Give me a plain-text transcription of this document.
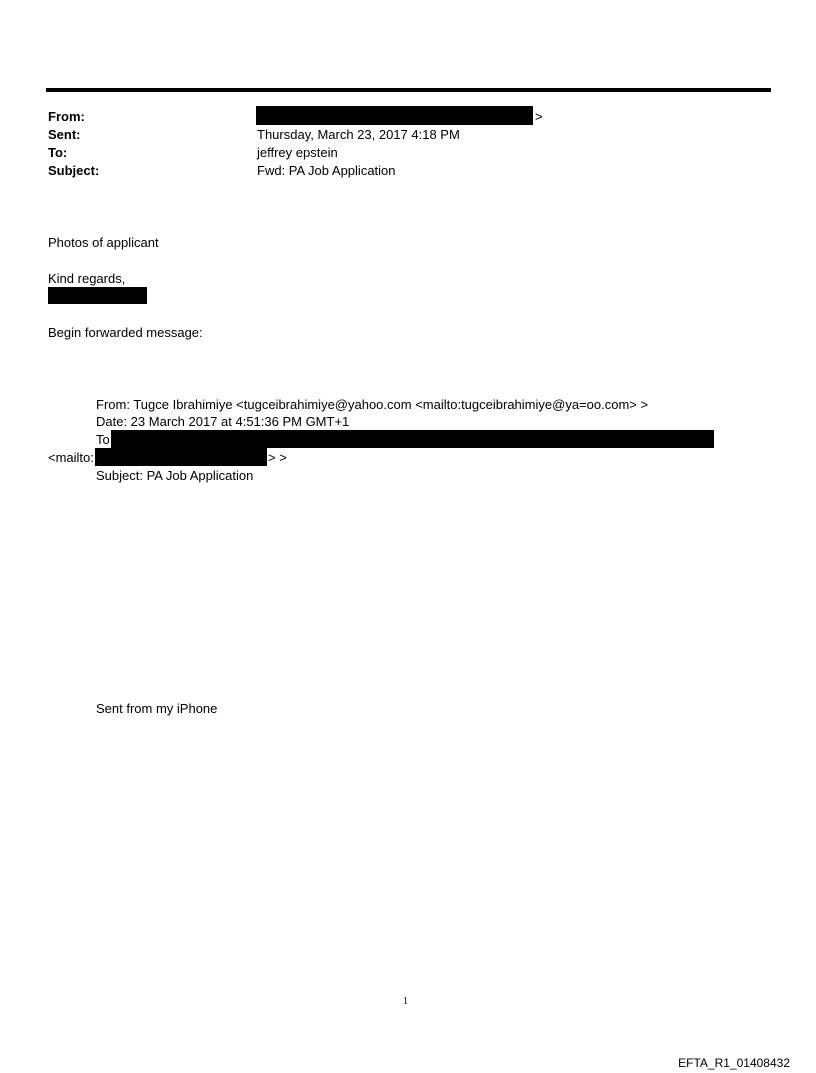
From:	>
Sent:	Thursday, March 23, 2017 4:18 PM
To:	jeffrey epstein
Subject:	Fwd: PA Job Application
Photos of applicant
Kind regards,
Begin forwarded message:
From: Tugce Ibrahimiye <tugceibrahimiye@yahoo.com <mailto:tugceibrahimiye@ya=oo.com> >
Date: 23 March 2017 at 4:51:36 PM GMT+1
To
<mailto:	> >
Subject: PA Job Application
Sent from my iPhone
1
EFTA_R1_01408432
